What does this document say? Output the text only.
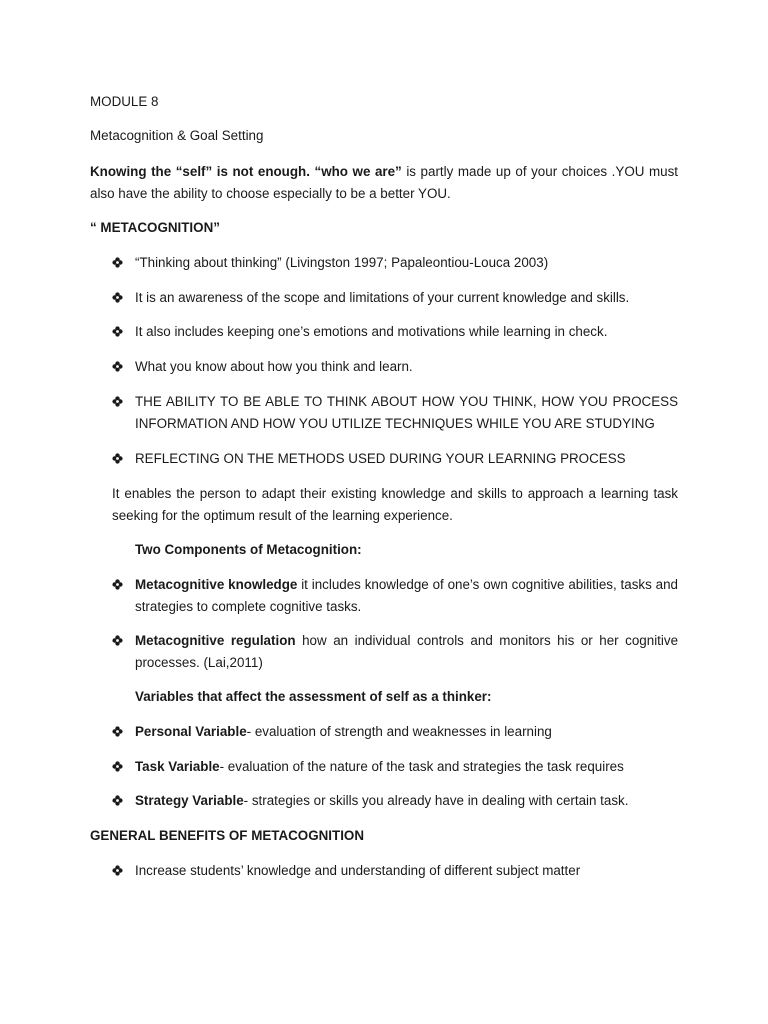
MODULE 8
Metacognition & Goal Setting
Knowing the “self” is not enough. “who we are” is partly made up of your choices .YOU must also have the ability to choose especially to be a better YOU.
“ METACOGNITION”
“Thinking about thinking” (Livingston 1997; Papaleontiou-Louca 2003)
It is an awareness of the scope and limitations of your current knowledge and skills.
It also includes keeping one’s emotions and motivations while learning in check.
What you know about how you think and learn.
THE ABILITY TO BE ABLE TO THINK ABOUT HOW YOU THINK, HOW YOU PROCESS INFORMATION AND HOW YOU UTILIZE TECHNIQUES WHILE YOU ARE STUDYING
REFLECTING ON THE METHODS USED DURING YOUR LEARNING PROCESS
It enables the person to adapt their existing knowledge and skills to approach a learning task seeking for the optimum result of the learning experience.
Two Components of Metacognition:
Metacognitive knowledge it includes knowledge of one’s own cognitive abilities, tasks and strategies to complete cognitive tasks.
Metacognitive regulation how an individual controls and monitors his or her cognitive processes. (Lai,2011)
Variables that affect the assessment of self as a thinker:
Personal Variable- evaluation of strength and weaknesses in learning
Task Variable- evaluation of the nature of the task and strategies the task requires
Strategy Variable- strategies or skills you already have in dealing with certain task.
GENERAL BENEFITS OF METACOGNITION
Increase students’ knowledge and understanding of different subject matter
